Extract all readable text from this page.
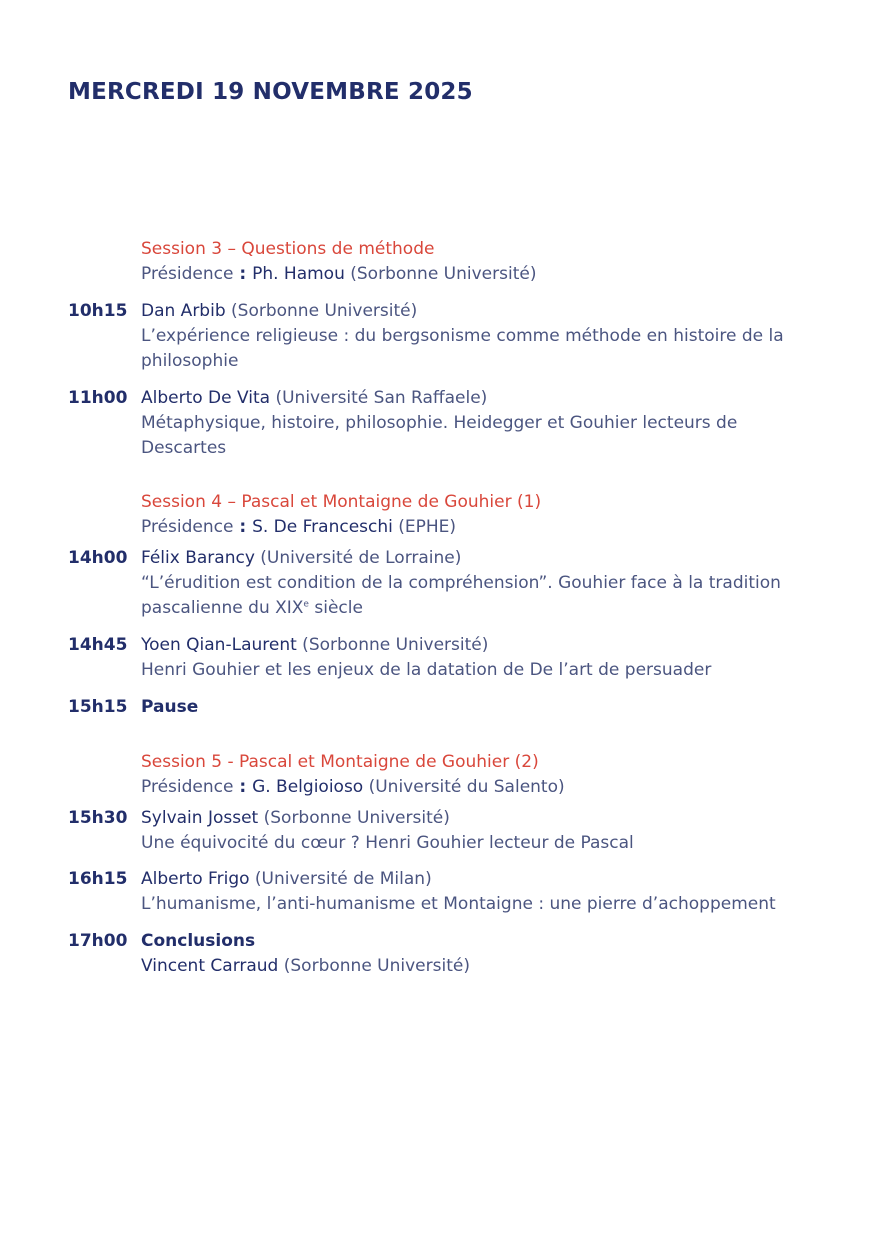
MERCREDI 19 NOVEMBRE 2025
Session 3 – Questions de méthode
Présidence : Ph. Hamou (Sorbonne Université)
10h15 Dan Arbib (Sorbonne Université)
L’expérience religieuse : du bergsonisme comme méthode en histoire de la philosophie
11h00 Alberto De Vita (Université San Raffaele)
Métaphysique, histoire, philosophie. Heidegger et Gouhier lecteurs de Descartes
Session 4 – Pascal et Montaigne de Gouhier (1)
Présidence : S. De Franceschi (EPHE)
14h00 Félix Barancy (Université de Lorraine)
“L’érudition est condition de la compréhension”. Gouhier face à la tradition pascalienne du XIXe siècle
14h45 Yoen Qian-Laurent (Sorbonne Université)
Henri Gouhier et les enjeux de la datation de De l’art de persuader
15h15 Pause
Session 5 - Pascal et Montaigne de Gouhier (2)
Présidence : G. Belgioioso (Université du Salento)
15h30 Sylvain Josset (Sorbonne Université)
Une équivocité du cœur ? Henri Gouhier lecteur de Pascal
16h15 Alberto Frigo (Université de Milan)
L’humanisme, l’anti-humanisme et Montaigne : une pierre d’achoppement
17h00 Conclusions
Vincent Carraud (Sorbonne Université)
